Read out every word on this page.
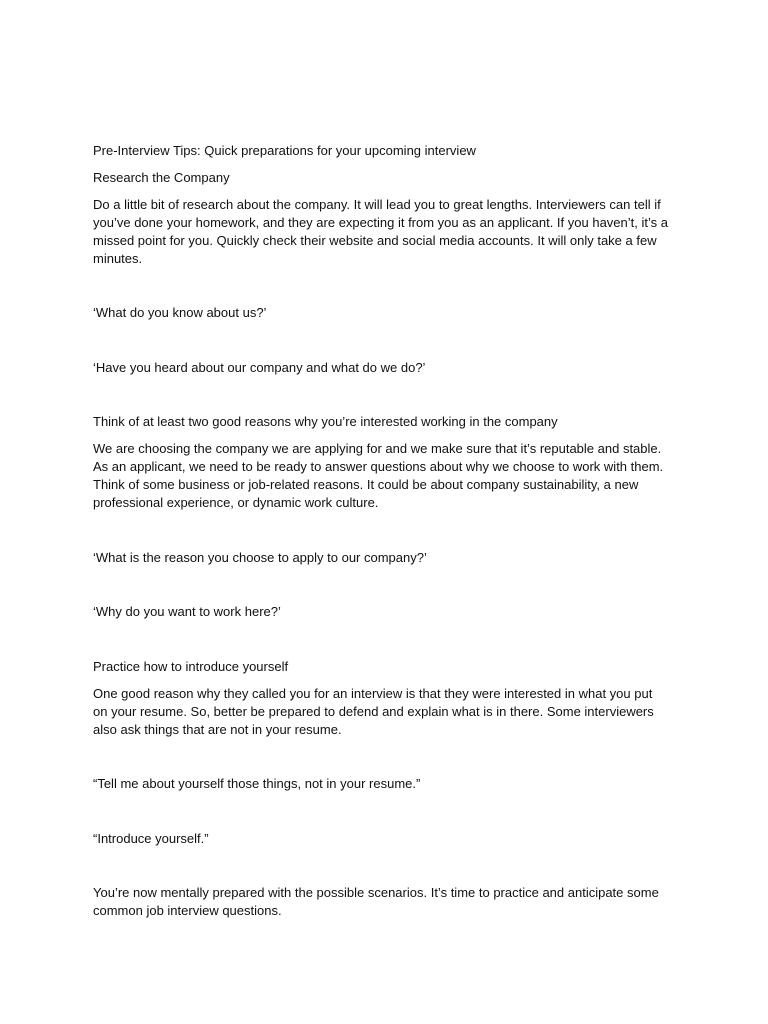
Pre-Interview Tips: Quick preparations for your upcoming interview
Research the Company
Do a little bit of research about the company. It will lead you to great lengths. Interviewers can tell if
you’ve done your homework, and they are expecting it from you as an applicant. If you haven’t, it’s a
missed point for you. Quickly check their website and social media accounts. It will only take a few
minutes.
‘What do you know about us?’
‘Have you heard about our company and what do we do?’
Think of at least two good reasons why you’re interested working in the company
We are choosing the company we are applying for and we make sure that it’s reputable and stable.
As an applicant, we need to be ready to answer questions about why we choose to work with them.
Think of some business or job-related reasons. It could be about company sustainability, a new
professional experience, or dynamic work culture.
‘What is the reason you choose to apply to our company?’
‘Why do you want to work here?’
Practice how to introduce yourself
One good reason why they called you for an interview is that they were interested in what you put
on your resume. So, better be prepared to defend and explain what is in there. Some interviewers
also ask things that are not in your resume.
“Tell me about yourself those things, not in your resume.”
“Introduce yourself.”
You’re now mentally prepared with the possible scenarios. It’s time to practice and anticipate some
common job interview questions.
